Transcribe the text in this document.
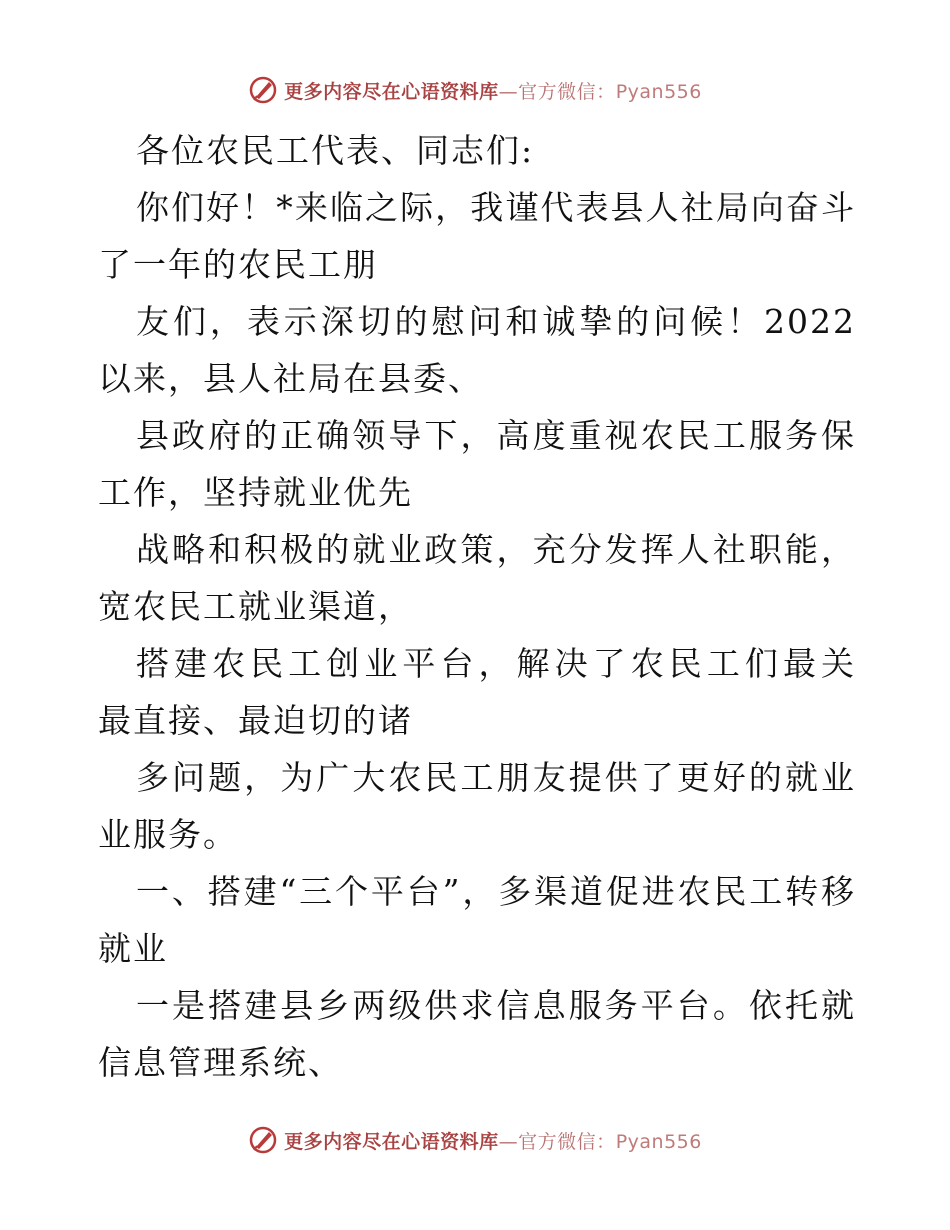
更多内容尽在心语资料库—官方微信：Pyan556
各位农民工代表、同志们:
你们好！*来临之际，我谨代表县人社局向奋斗
了一年的农民工朋
友们，表示深切的慰问和诚挚的问候！2022
以来，县人社局在县委、
县政府的正确领导下，高度重视农民工服务保
工作，坚持就业优先
战略和积极的就业政策，充分发挥人社职能，
宽农民工就业渠道，
搭建农民工创业平台，解决了农民工们最关
最直接、最迫切的诸
多问题，为广大农民工朋友提供了更好的就业
业服务。
一、搭建“三个平台”，多渠道促进农民工转移
就业
一是搭建县乡两级供求信息服务平台。依托就
信息管理系统、
更多内容尽在心语资料库—官方微信：Pyan556
